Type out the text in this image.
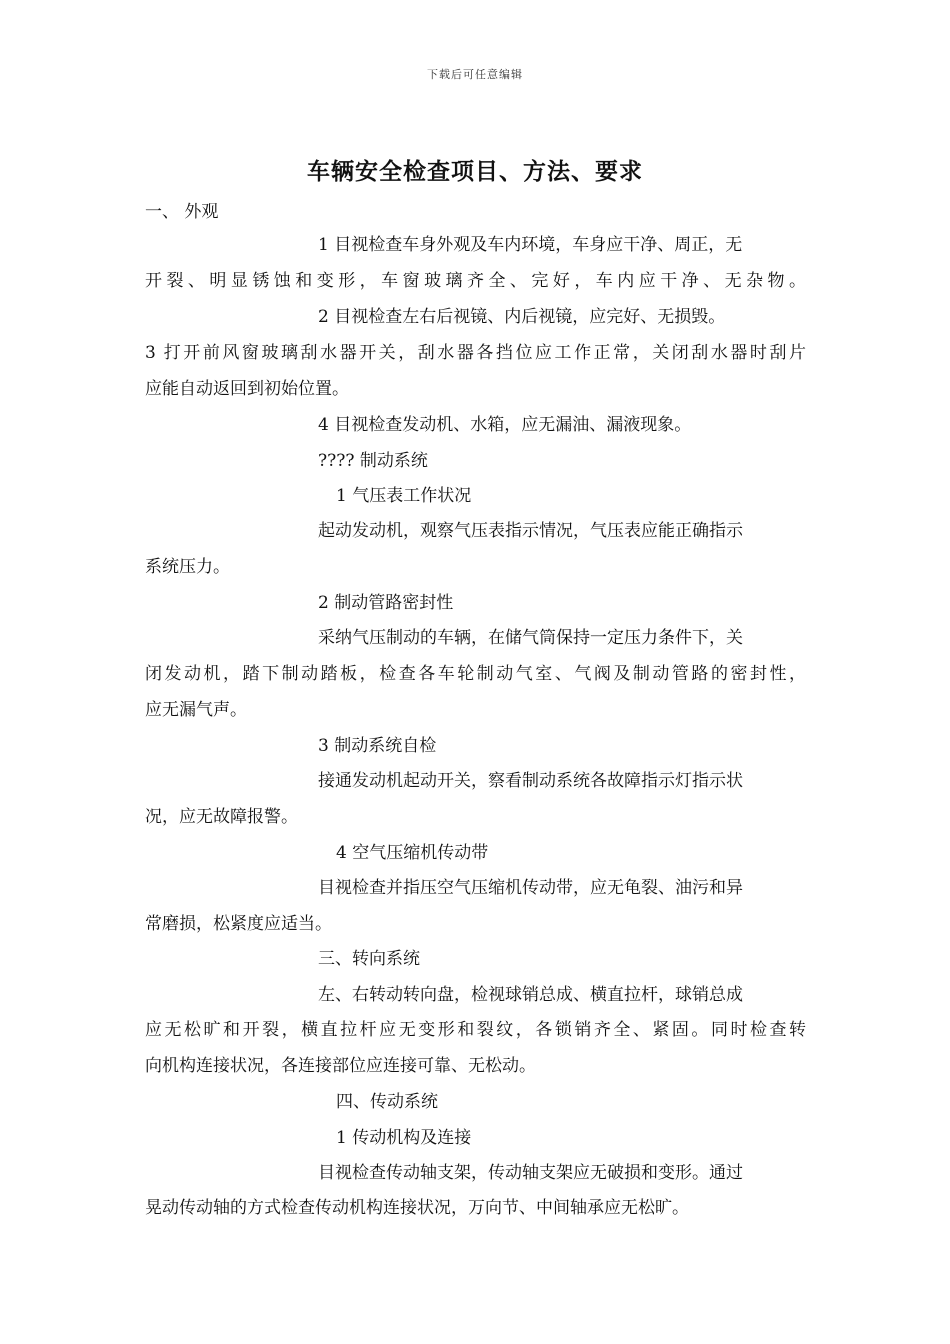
下载后可任意编辑
车辆安全检查项目、方法、要求
一、 外观
1 目视检查车身外观及车内环境，车身应干净、周正，无
开裂、明显锈蚀和变形，车窗玻璃齐全、完好，车内应干净、无杂物。
2 目视检查左右后视镜、内后视镜，应完好、无损毁。
3 打开前风窗玻璃刮水器开关，刮水器各挡位应工作正常，关闭刮水器时刮片
应能自动返回到初始位置。
4 目视检查发动机、水箱，应无漏油、漏液现象。
???? 制动系统
1 气压表工作状况
起动发动机，观察气压表指示情况，气压表应能正确指示
系统压力。
2 制动管路密封性
采纳气压制动的车辆，在储气筒保持一定压力条件下，关
闭发动机，踏下制动踏板，检查各车轮制动气室、气阀及制动管路的密封性，
应无漏气声。
3 制动系统自检
接通发动机起动开关，察看制动系统各故障指示灯指示状
况，应无故障报警。
4 空气压缩机传动带
目视检查并指压空气压缩机传动带，应无龟裂、油污和异
常磨损，松紧度应适当。
三、转向系统
左、右转动转向盘，检视球销总成、横直拉杆，球销总成
应无松旷和开裂，横直拉杆应无变形和裂纹，各锁销齐全、紧固。同时检查转
向机构连接状况，各连接部位应连接可靠、无松动。
四、传动系统
1 传动机构及连接
目视检查传动轴支架，传动轴支架应无破损和变形。通过
晃动传动轴的方式检查传动机构连接状况，万向节、中间轴承应无松旷。
